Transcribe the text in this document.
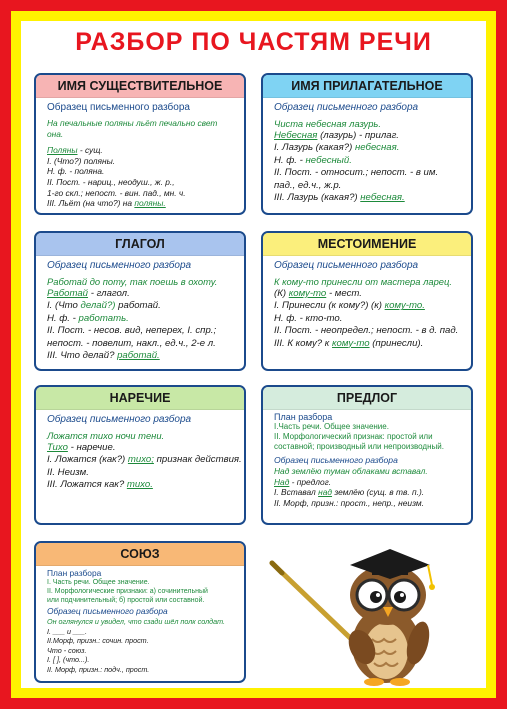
РАЗБОР ПО ЧАСТЯМ РЕЧИ
ИМЯ СУЩЕСТВИТЕЛЬНОЕ
Образец письменного разбора
На печальные поляны льёт печально свет она.
Поляны - сущ.
I. (Что?) поляны.
Н. ф. - поляна.
II. Пост. - нариц., неодуш., ж. р.,
1-го скл.; непост. - вин. пад., мн. ч.
III. Льёт (на что?) на поляны.
ИМЯ ПРИЛАГАТЕЛЬНОЕ
Образец письменного разбора
Чиста небесная лазурь.
Небесная (лазурь) - прилаг.
I. Лазурь (какая?) небесная.
Н. ф. - небесный.
II. Пост. - относит.; непост. - в им.
пад., ед.ч., ж.р.
III. Лазурь (какая?) небесная.
ГЛАГОЛ
Образец письменного разбора
Работай до поту, так поешь в охоту.
Работай - глагол.
I. (Что делай?) работай.
Н. ф. - работать.
II. Пост. - несов. вид, неперех, I. спр.;
непост. - повелит, накл., ед.ч., 2-е л.
III. Что делай? работай.
МЕСТОИМЕНИЕ
Образец письменного разбора
К кому-то принесли от мастера ларец.
(К) кому-то - мест.
I. Принесли (к кому?) (к) кому-то.
Н. ф. - кто-то.
II. Пост. - неопредел.; непост. - в д. пад.
III. К кому? к кому-то (принесли).
НАРЕЧИЕ
Образец письменного разбора
Ложатся тихо ночи тени.
Тихо - наречие.
I. Ложатся (как?) тихо; признак действия.
II. Неизм.
III. Ложатся как? тихо.
ПРЕДЛОГ
План разбора
I.Часть речи. Общее значение.
II. Морфологический признак: простой или
составной; производный или непроизводный.
Образец письменного разбора
Над землёю туман облаками вставал.
Над - предлог.
I. Вставал над землёю (сущ. в тв. п.).
II. Морф, призн.: прост., непр., неизм.
СОЮЗ
План разбора
I. Часть речи. Общее значение.
II. Морфологические признаки: а) сочинительный
или подчинительный; б) простой или составной.
Образец письменного разбора
Он оглянулся и увидел, что сзади шёл полк солдат.
I. ___ и ___.
II.Морф, призн.: сочин. прост.
Что - союз.
I. [ ], (что...).
II. Морф, призн.: подч., прост.
